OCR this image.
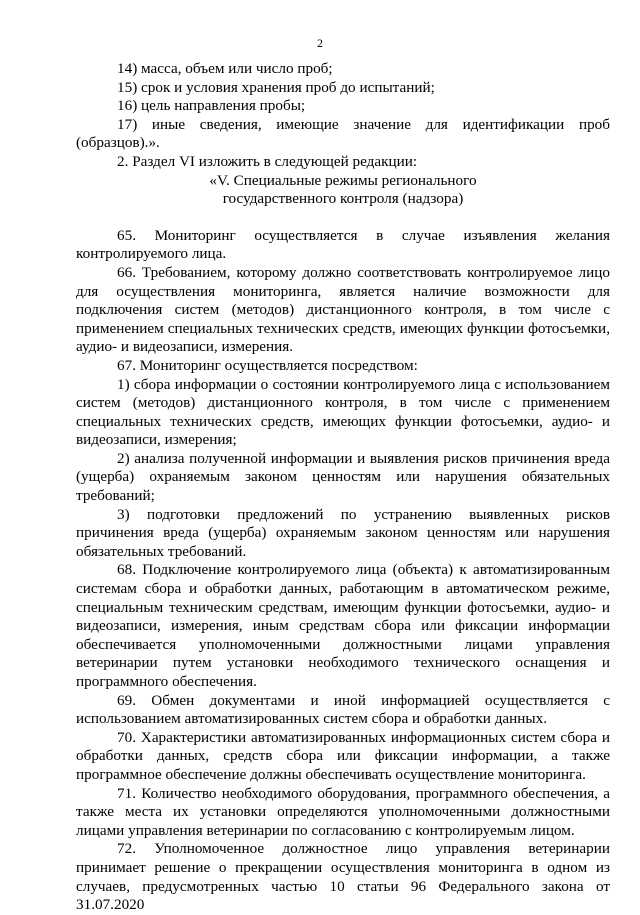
2

14) масса, объем или число проб;

15) срок и условия хранения проб до испытаний;

16) цель направления пробы;

17) иные сведения, имеющие значение для идентификации проб (образцов).».

2. Раздел VI изложить в следующей редакции:

«V. Специальные режимы регионального
государственного контроля (надзора)

65. Мониторинг осуществляется в случае изъявления желания контролируемого лица.

66. Требованием, которому должно соответствовать контролируемое лицо для осуществления мониторинга, является наличие возможности для подключения систем (методов) дистанционного контроля, в том числе с применением специальных технических средств, имеющих функции фотосъемки, аудио- и видеозаписи, измерения.

67. Мониторинг осуществляется посредством:

1) сбора информации о состоянии контролируемого лица с использованием систем (методов) дистанционного контроля, в том числе с применением специальных технических средств, имеющих функции фотосъемки, аудио- и видеозаписи, измерения;

2) анализа полученной информации и выявления рисков причинения вреда (ущерба) охраняемым законом ценностям или нарушения обязательных требований;

3) подготовки предложений по устранению выявленных рисков причинения вреда (ущерба) охраняемым законом ценностям или нарушения обязательных требований.

68. Подключение контролируемого лица (объекта) к автоматизированным системам сбора и обработки данных, работающим в автоматическом режиме, специальным техническим средствам, имеющим функции фотосъемки, аудио- и видеозаписи, измерения, иным средствам сбора или фиксации информации обеспечивается уполномоченными должностными лицами управления ветеринарии путем установки необходимого технического оснащения и программного обеспечения.

69. Обмен документами и иной информацией осуществляется с использованием автоматизированных систем сбора и обработки данных.

70. Характеристики автоматизированных информационных систем сбора и обработки данных, средств сбора или фиксации информации, а также программное обеспечение должны обеспечивать осуществление мониторинга.

71. Количество необходимого оборудования, программного обеспечения, а также места их установки определяются уполномоченными должностными лицами управления ветеринарии по согласованию с контролируемым лицом.

72. Уполномоченное должностное лицо управления ветеринарии принимает решение о прекращении осуществления мониторинга в одном из случаев, предусмотренных частью 10 статьи 96 Федерального закона от 31.07.2020
